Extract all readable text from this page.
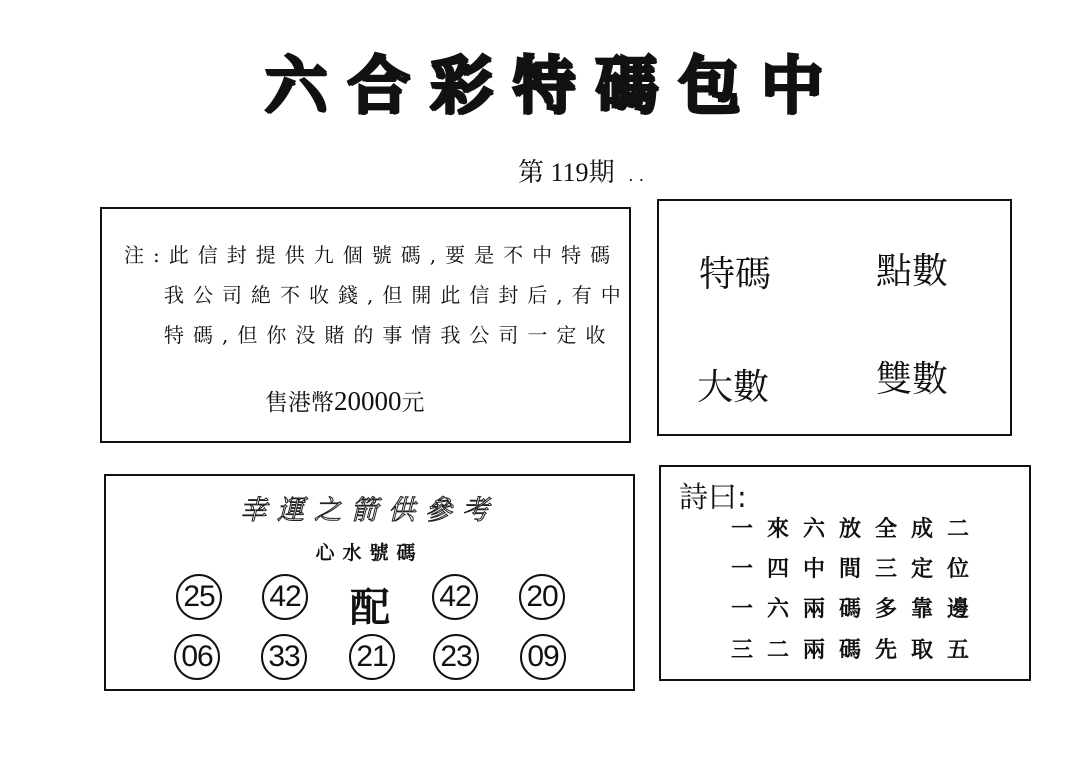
六 合 彩 特 碼 包 中
第 119期 ..
注:此信封提供九個號碼,要是不中特碼
我公司絶不收錢,但開此信封后,有中
特碼,但你没賭的事情我公司一定收
售港幣20000元
特碼	點數
大數	雙數
幸運之箭供參考
心水號碼
25 42 配 42 20
06 33 21 23 09
詩曰:
一來六放全成二
一四中間三定位
一六兩碼多靠邊
三二兩碼先取五
